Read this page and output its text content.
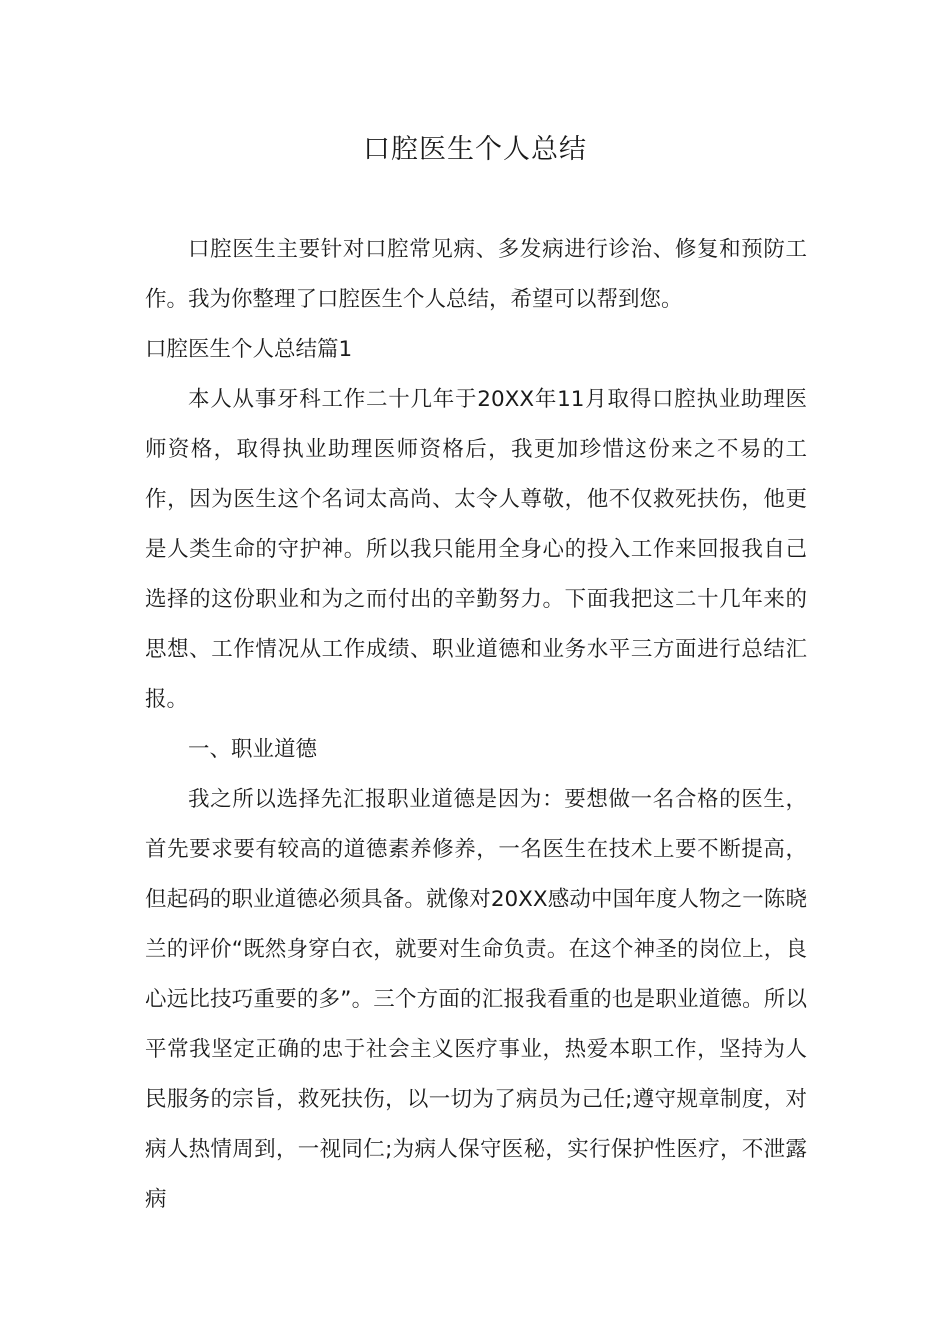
口腔医生个人总结

口腔医生主要针对口腔常见病、多发病进行诊治、修复和预防工作。我为你整理了口腔医生个人总结，希望可以帮到您。

口腔医生个人总结篇1

本人从事牙科工作二十几年于20XX年11月取得口腔执业助理医师资格，取得执业助理医师资格后，我更加珍惜这份来之不易的工作，因为医生这个名词太高尚、太令人尊敬，他不仅救死扶伤，他更是人类生命的守护神。所以我只能用全身心的投入工作来回报我自己选择的这份职业和为之而付出的辛勤努力。下面我把这二十几年来的思想、工作情况从工作成绩、职业道德和业务水平三方面进行总结汇报。

一、职业道德

我之所以选择先汇报职业道德是因为：要想做一名合格的医生，首先要求要有较高的道德素养修养，一名医生在技术上要不断提高，但起码的职业道德必须具备。就像对20XX感动中国年度人物之一陈晓兰的评价“既然身穿白衣，就要对生命负责。在这个神圣的岗位上，良心远比技巧重要的多”。三个方面的汇报我看重的也是职业道德。所以平常我坚定正确的忠于社会主义医疗事业，热爱本职工作，坚持为人民服务的宗旨，救死扶伤，以一切为了病员为己任;遵守规章制度，对病人热情周到，一视同仁;为病人保守医秘，实行保护性医疗，不泄露病
